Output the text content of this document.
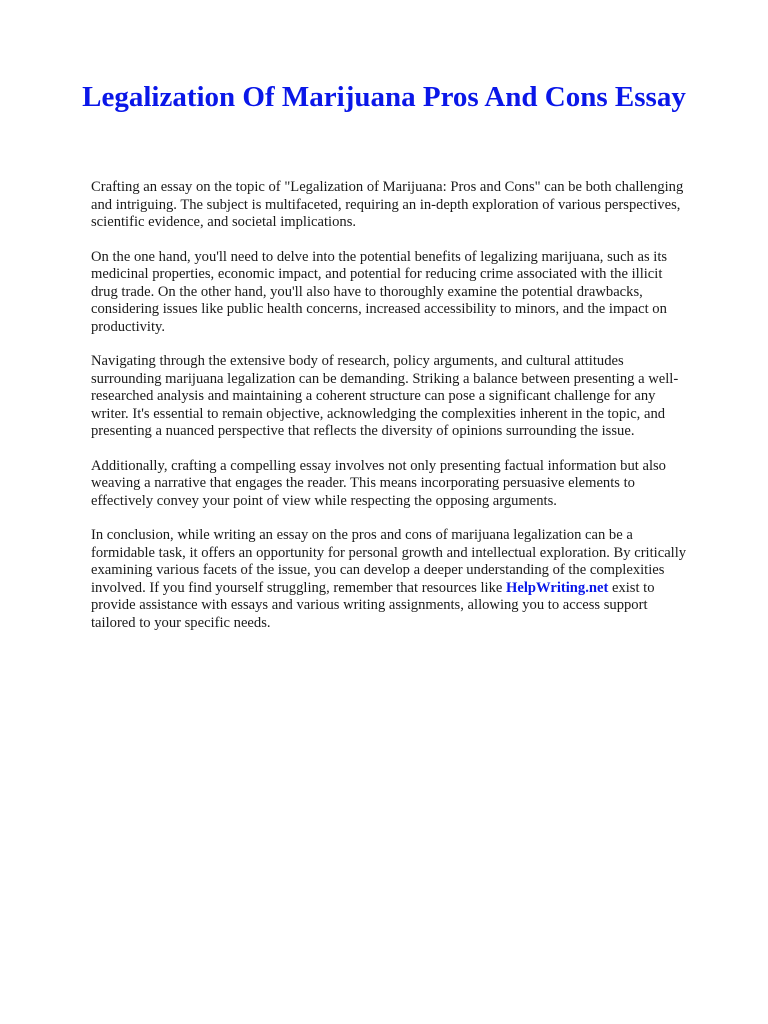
Legalization Of Marijuana Pros And Cons Essay

Crafting an essay on the topic of "Legalization of Marijuana: Pros and Cons" can be both challenging and intriguing. The subject is multifaceted, requiring an in-depth exploration of various perspectives, scientific evidence, and societal implications.

On the one hand, you'll need to delve into the potential benefits of legalizing marijuana, such as its medicinal properties, economic impact, and potential for reducing crime associated with the illicit drug trade. On the other hand, you'll also have to thoroughly examine the potential drawbacks, considering issues like public health concerns, increased accessibility to minors, and the impact on productivity.

Navigating through the extensive body of research, policy arguments, and cultural attitudes surrounding marijuana legalization can be demanding. Striking a balance between presenting a well-researched analysis and maintaining a coherent structure can pose a significant challenge for any writer. It's essential to remain objective, acknowledging the complexities inherent in the topic, and presenting a nuanced perspective that reflects the diversity of opinions surrounding the issue.

Additionally, crafting a compelling essay involves not only presenting factual information but also weaving a narrative that engages the reader. This means incorporating persuasive elements to effectively convey your point of view while respecting the opposing arguments.

In conclusion, while writing an essay on the pros and cons of marijuana legalization can be a formidable task, it offers an opportunity for personal growth and intellectual exploration. By critically examining various facets of the issue, you can develop a deeper understanding of the complexities involved. If you find yourself struggling, remember that resources like HelpWriting.net exist to provide assistance with essays and various writing assignments, allowing you to access support tailored to your specific needs.
